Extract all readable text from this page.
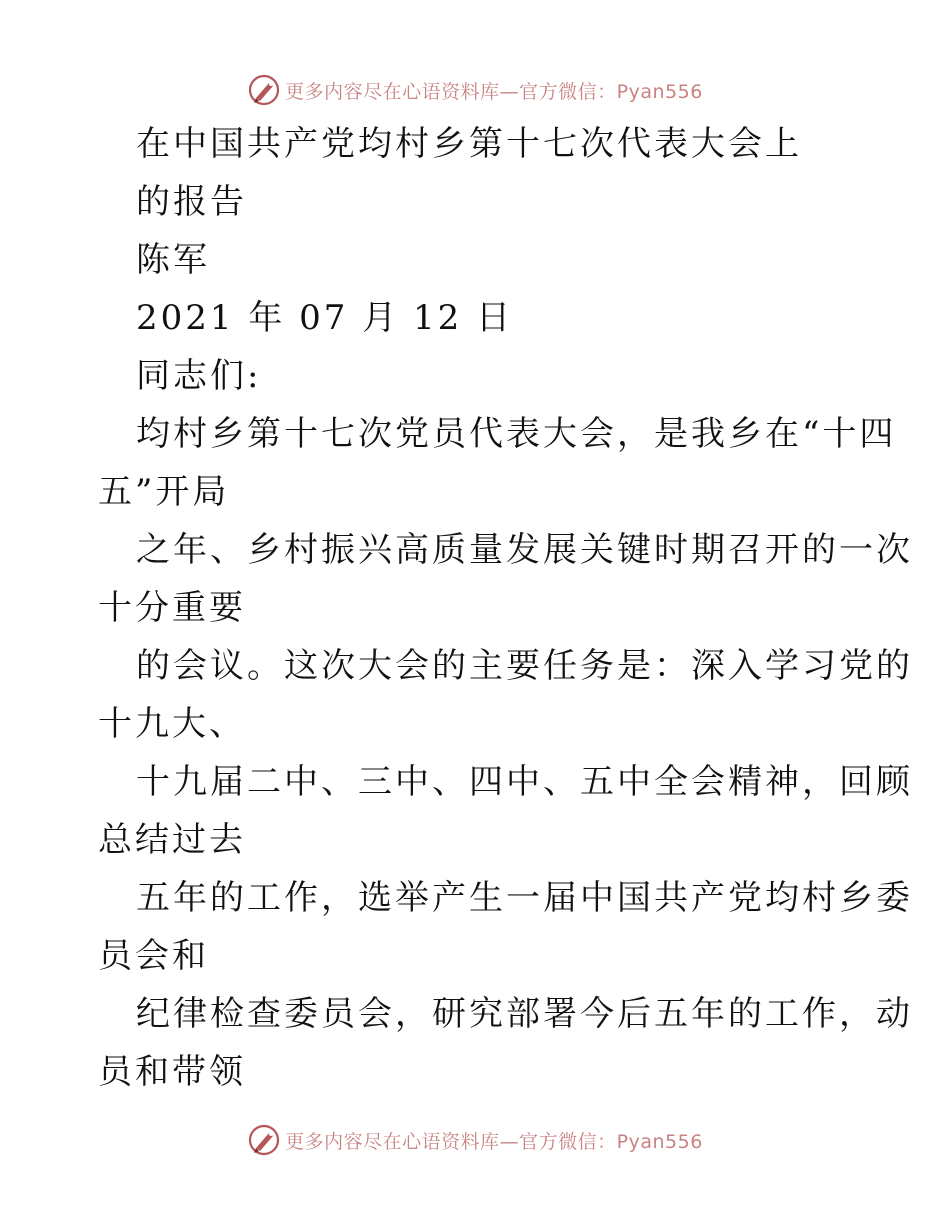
更多内容尽在心语资料库—官方微信：Pyan556
在中国共产党均村乡第十七次代表大会上
的报告
陈军
2021 年 07 月 12 日
同志们:
均村乡第十七次党员代表大会，是我乡在“十四
五”开局
之年、乡村振兴高质量发展关键时期召开的一次
十分重要
的会议。这次大会的主要任务是：深入学习党的
十九大、
十九届二中、三中、四中、五中全会精神，回顾
总结过去
五年的工作，选举产生一届中国共产党均村乡委
员会和
纪律检查委员会，研究部署今后五年的工作，动
员和带领
更多内容尽在心语资料库—官方微信：Pyan556
